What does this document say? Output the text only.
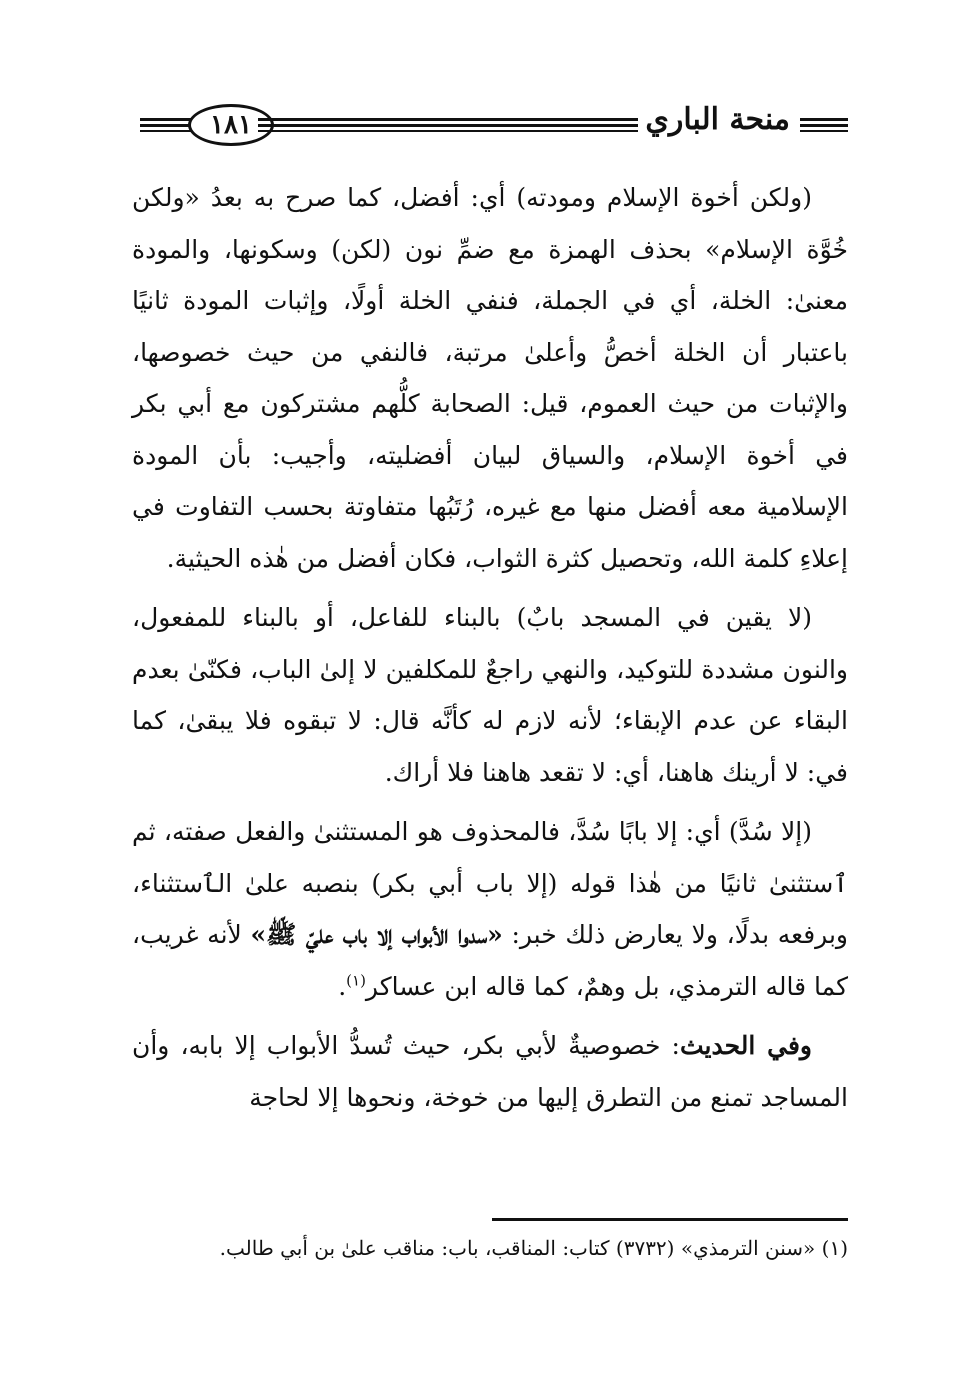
١٨١	منحة الباري

(ولكن أخوة الإسلام ومودته) أي: أفضل، كما صرح به بعدُ «ولكن خُوَّة الإسلام» بحذف الهمزة مع ضمِّ نون (لكن) وسكونها، والمودة معنىٰ: الخلة، أي في الجملة، فنفي الخلة أولًا، وإثبات المودة ثانيًا باعتبار أن الخلة أخصُّ وأعلىٰ مرتبة، فالنفي من حيث خصوصها، والإثبات من حيث العموم، قيل: الصحابة كلُّهم مشتركون مع أبي بكر في أخوة الإسلام، والسياق لبيان أفضليته، وأجيب: بأن المودة الإسلامية معه أفضل منها مع غيره، رُتَبُها متفاوتة بحسب التفاوت في إعلاءِ كلمة الله، وتحصيل كثرة الثواب، فكان أفضل من هٰذه الحيثية.

(لا يقين في المسجد بابٌ) بالبناء للفاعل، أو بالبناء للمفعول، والنون مشددة للتوكيد، والنهي راجعٌ للمكلفين لا إلىٰ الباب، فكنّىٰ بعدم البقاء عن عدم الإبقاء؛ لأنه لازم له كأنَّه قال: لا تبقوه فلا يبقىٰ، كما في: لا أرينك هاهنا، أي: لا تقعد هاهنا فلا أراك.

(إلا سُدَّ) أي: إلا بابًا سُدَّ، فالمحذوف هو المستثنىٰ والفعل صفته، ثم ٱستثنىٰ ثانيًا من هٰذا قوله (إلا باب أبي بكر) بنصبه علىٰ الٱستثناء، وبرفعه بدلًا، ولا يعارض ذلك خبر: «سدوا الأبواب إلا باب عليّ ﷺ» لأنه غريب، كما قاله الترمذي، بل وهمٌ، كما قاله ابن عساكر$^{(١)}$.

وفي الحديث: خصوصيةٌ لأبي بكر، حيث تُسدُّ الأبواب إلا بابه، وأن المساجد تمنع من التطرق إليها من خوخة، ونحوها إلا لحاجة

(١) «سنن الترمذي» (٣٧٣٢) كتاب: المناقب، باب: مناقب علىٰ بن أبي طالب.
